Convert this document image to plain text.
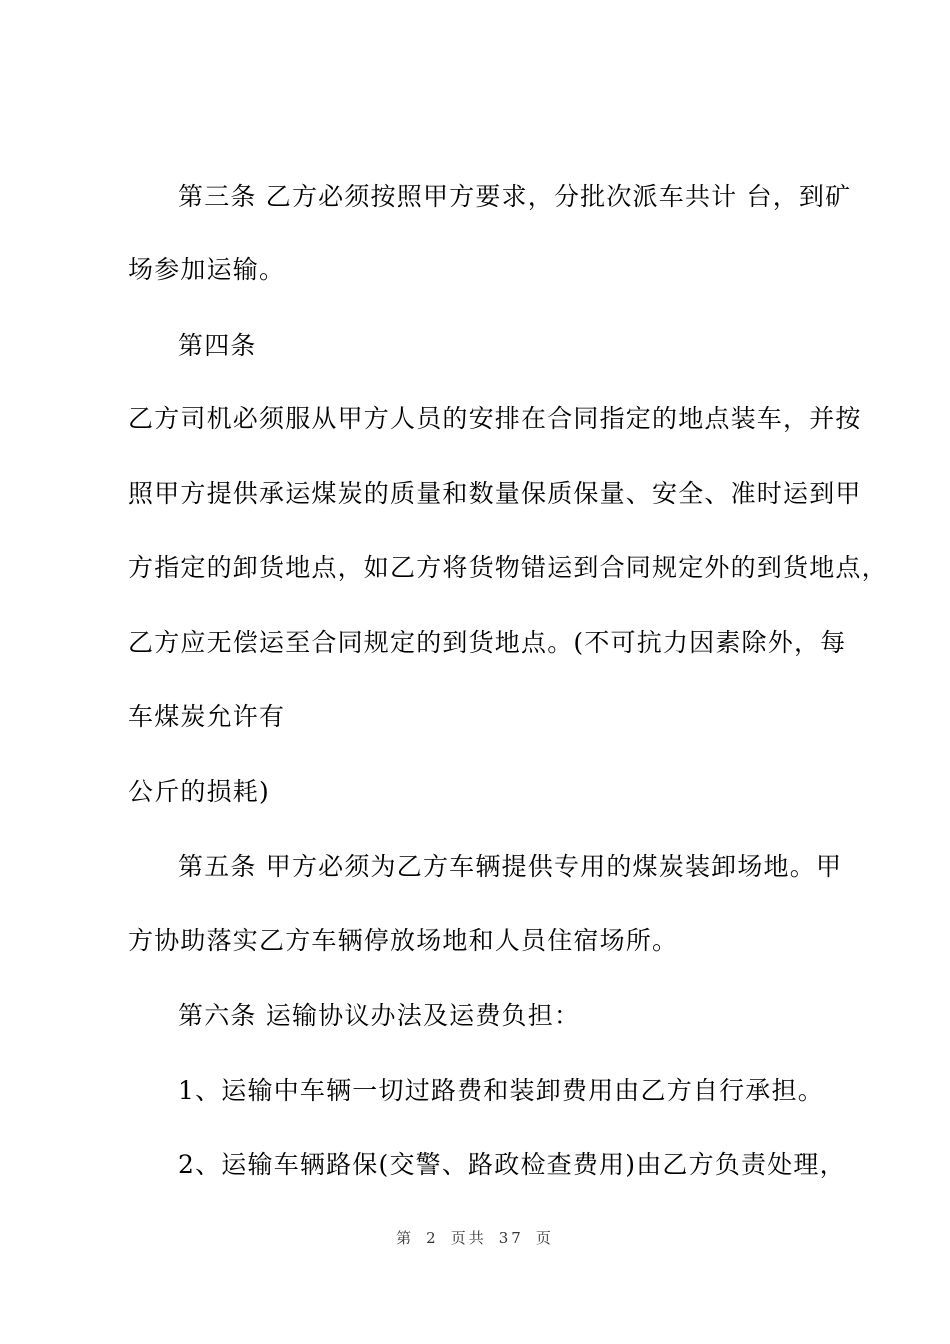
第三条 乙方必须按照甲方要求，分批次派车共计 台，到矿
场参加运输。
第四条
乙方司机必须服从甲方人员的安排在合同指定的地点装车，并按
照甲方提供承运煤炭的质量和数量保质保量、安全、准时运到甲
方指定的卸货地点，如乙方将货物错运到合同规定外的到货地点，
乙方应无偿运至合同规定的到货地点。(不可抗力因素除外，每
车煤炭允许有
公斤的损耗)
第五条 甲方必须为乙方车辆提供专用的煤炭装卸场地。甲
方协助落实乙方车辆停放场地和人员住宿场所。
第六条 运输协议办法及运费负担：
1、运输中车辆一切过路费和装卸费用由乙方自行承担。
2、运输车辆路保(交警、路政检查费用)由乙方负责处理，
第 2 页共 37 页
